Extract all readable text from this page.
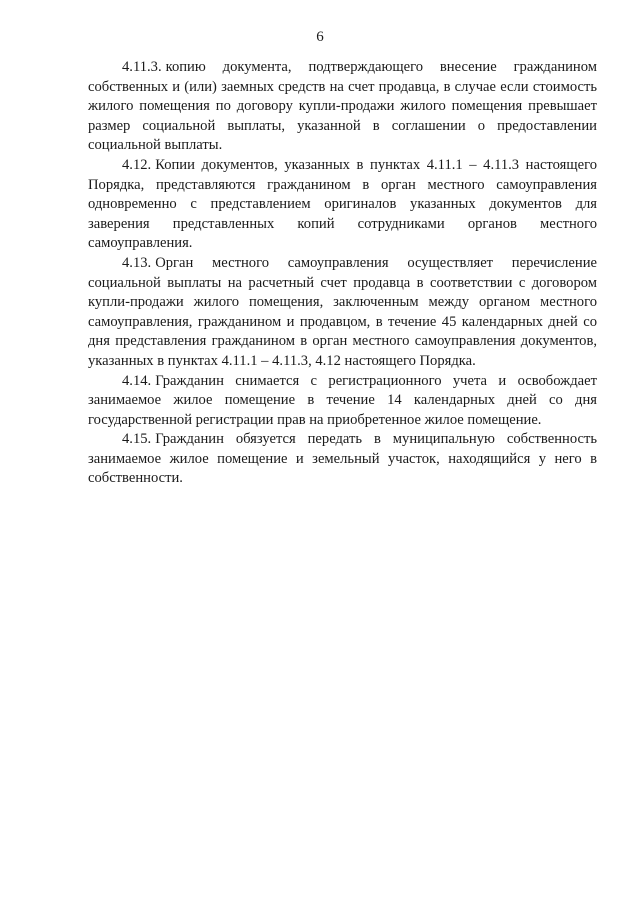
6

4.11.3. копию документа, подтверждающего внесение гражданином собственных и (или) заемных средств на счет продавца, в случае если стоимость жилого помещения по договору купли-продажи жилого помещения превышает размер социальной выплаты, указанной в соглашении о предоставлении социальной выплаты.

4.12. Копии документов, указанных в пунктах 4.11.1 – 4.11.3 настоящего Порядка, представляются гражданином в орган местного самоуправления одновременно с представлением оригиналов указанных документов для заверения представленных копий сотрудниками органов местного самоуправления.

4.13. Орган местного самоуправления осуществляет перечисление социальной выплаты на расчетный счет продавца в соответствии с договором купли-продажи жилого помещения, заключенным между органом местного самоуправления, гражданином и продавцом, в течение 45 календарных дней со дня представления гражданином в орган местного самоуправления документов, указанных в пунктах 4.11.1 – 4.11.3, 4.12 настоящего Порядка.

4.14. Гражданин снимается с регистрационного учета и освобождает занимаемое жилое помещение в течение 14 календарных дней со дня государственной регистрации прав на приобретенное жилое помещение.

4.15. Гражданин обязуется передать в муниципальную собственность занимаемое жилое помещение и земельный участок, находящийся у него в собственности.
